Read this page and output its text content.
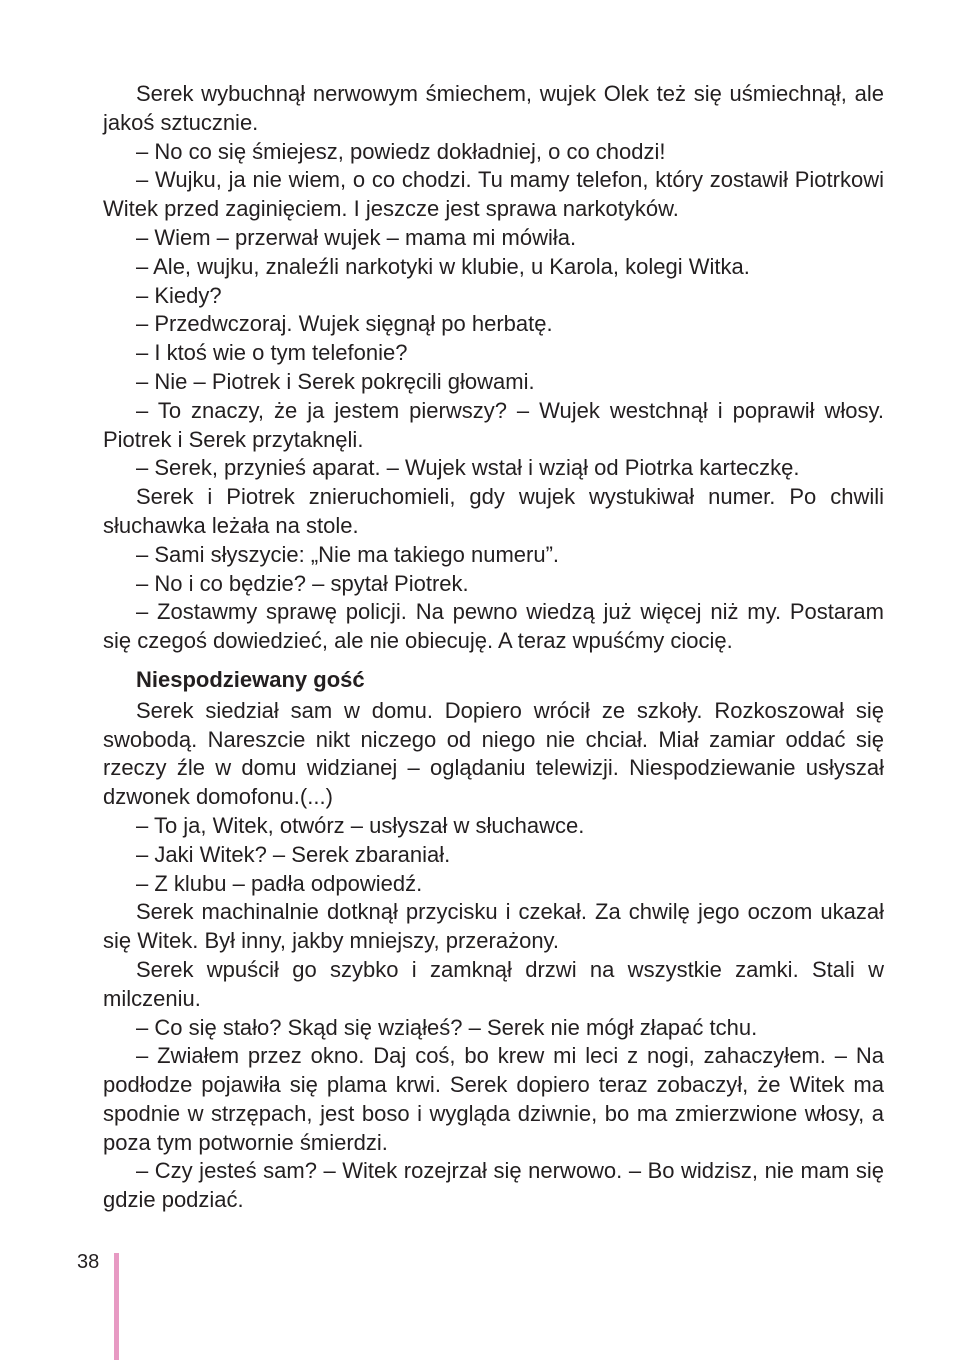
Serek wybuchnął nerwowym śmiechem, wujek Olek też się uśmiechnął, ale jakoś sztucznie.

– No co się śmiejesz, powiedz dokładniej, o co chodzi!

– Wujku, ja nie wiem, o co chodzi. Tu mamy telefon, który zostawił Piotrkowi Witek przed zaginięciem. I jeszcze jest sprawa narkotyków.

– Wiem – przerwał wujek – mama mi mówiła.

– Ale, wujku, znaleźli narkotyki w klubie, u Karola, kolegi Witka.

– Kiedy?

– Przedwczoraj. Wujek sięgnął po herbatę.

– I ktoś wie o tym telefonie?

– Nie – Piotrek i Serek pokręcili głowami.

– To znaczy, że ja jestem pierwszy? – Wujek westchnął i poprawił włosy. Piotrek i Serek przytaknęli.

– Serek, przynieś aparat. – Wujek wstał i wziął od Piotrka karteczkę.

Serek i Piotrek znieruchomieli, gdy wujek wystukiwał numer. Po chwili słuchawka leżała na stole.

– Sami słyszycie: „Nie ma takiego numeru”.

– No i co będzie? – spytał Piotrek.

– Zostawmy sprawę policji. Na pewno wiedzą już więcej niż my. Postaram się czegoś dowiedzieć, ale nie obiecuję. A teraz wpuśćmy ciocię.

Niespodziewany gość

Serek siedział sam w domu. Dopiero wrócił ze szkoły. Rozkoszował się swobodą. Nareszcie nikt niczego od niego nie chciał. Miał zamiar oddać się rzeczy źle w domu widzianej – oglądaniu telewizji. Niespodziewanie usłyszał dzwonek domofonu.(...)

– To ja, Witek, otwórz – usłyszał w słuchawce.

– Jaki Witek? – Serek zbaraniał.

– Z klubu – padła odpowiedź.

Serek machinalnie dotknął przycisku i czekał. Za chwilę jego oczom ukazał się Witek. Był inny, jakby mniejszy, przerażony.

Serek wpuścił go szybko i zamknął drzwi na wszystkie zamki. Stali w milczeniu.

– Co się stało? Skąd się wziąłeś? – Serek nie mógł złapać tchu.

– Zwiałem przez okno. Daj coś, bo krew mi leci z nogi, zahaczyłem. – Na podłodze pojawiła się plama krwi. Serek dopiero teraz zobaczył, że Witek ma spodnie w strzępach, jest boso i wygląda dziwnie, bo ma zmierzwione włosy, a poza tym potwornie śmierdzi.

– Czy jesteś sam? – Witek rozejrzał się nerwowo. – Bo widzisz, nie mam się gdzie podziać.

38
